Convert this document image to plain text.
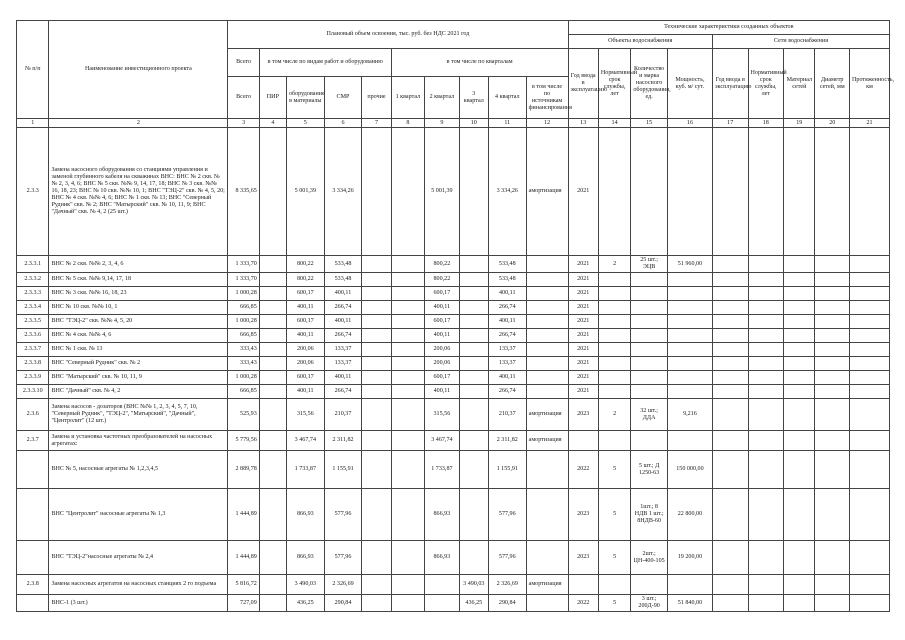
№ п/п	Наименование инвестиционного проекта	Плановый объем освоения, тыс. руб. без НДС 2021 год										Технические характеристики созданных объектов								
												Объекты водоснабжения				Сети водоснабжения				
		Всего	в том числе по видам работ и оборудованию				в том числе по кварталам					Год ввода в эксплуатацию	Нормативный срок службы, лет	Количество и марка насосного оборудования, ед.	Мощность, куб. м/ сут.	Год ввода в эксплуатацию	Нормативный срок службы, лет	Материал сетей	Диаметр сетей, мм	Протяженность, км
		Всего	ПИР	оборудование в материалы	СМР	прочие	1 квартал	2 квартал	3 квартал	4 квартал	в том числе по источникам финансирования									
1	2	3	4	5	6	7	8	9	10	11	12	13	14	15	16	17	18	19	20	21
2.3.3	Замена насосного оборудования со станциями управления и заменой глубинного кабеля на скважинах ВНС: ВНС № 2 скв. №№ 2, 3, 4, 6; ВНС № 5 скв. №№ 9, 14, 17, 18; ВНС № 3 скв. №№ 16, 18, 23; ВНС № 10 скв. №№ 10, 1; ВНС "ТЭЦ-2" скв. № 4, 5, 20; ВНС № 4 скв. №№ 4, 6; ВНС № 1 скв. № 13; ВНС "Северный Рудник" скв. № 2; ВНС "Матырский" скв. № 10, 11, 9; ВНС "Дачный" скв. № 4, 2 (25 шт.)	8 335,65		5 001,39	3 334,26			5 001,39		3 334,26	амортизация	2021								
2.3.3.1	ВНС № 2 скв. №№ 2, 3, 4, 6	1 333,70		800,22	533,48			800,22		533,48		2021	2	25 шт.; ЭЦВ	51 960,00					
2.3.3.2	ВНС № 5 скв. №№ 9,14, 17, 18	1 333,70		800,22	533,48			800,22		533,48		2021								
2.3.3.3	ВНС № 3 скв. №№ 16, 18, 23	1 000,28		600,17	400,11			600,17		400,11		2021								
2.3.3.4	ВНС № 10 скв. №№ 10, 1	666,85		400,11	266,74			400,11		266,74		2021								
2.3.3.5	ВНС "ТЭЦ-2" скв. №№ 4, 5, 20	1 000,28		600,17	400,11			600,17		400,11		2021								
2.3.3.6	ВНС № 4 скв. №№ 4, 6	666,85		400,11	266,74			400,11		266,74		2021								
2.3.3.7	ВНС № 1 скв. № 13	333,43		200,06	133,37			200,06		133,37		2021								
2.3.3.8	ВНС "Северный Рудник" скв. № 2	333,43		200,06	133,37			200,06		133,37		2021								
2.3.3.9	ВНС "Матырский" скв. № 10, 11, 9	1 000,28		600,17	400,11			600,17		400,11		2021								
2.3.3.10	ВНС "Дачный" скв. № 4, 2	666,85		400,11	266,74			400,11		266,74		2021								
2.3.6	Замена насосов - дозаторов (ВНС №№ 1, 2, 3, 4, 5, 7, 10, "Северный Рудник", "ТЭЦ-2", "Матырский", "Дачный", "Центролит" (12 шт.)	525,93		315,56	210,37			315,56		210,37	амортизация	2023	2	32 шт.; ДДА	9,216					
2.3.7	Замена и установка частотных преобразователей на насосных агрегатах:	5 779,56		3 467,74	2 311,82			3 467,74		2 311,82	амортизация									
	ВНС № 5, насосные агрегаты № 1,2,3,4,5	2 889,78		1 733,87	1 155,91			1 733,87		1 155,91		2022	5	5 шт.; Д 1250-63	150 000,00					
	ВНС "Центролит" насосные агрегаты № 1,3	1 444,89		866,93	577,96			866,93		577,96		2023	5	1шт.; 8 НДВ 1 шт.; 8НДВ-60	22 800,00					
	ВНС "ТЭЦ-2"насосные агрегаты № 2,4	1 444,89		866,93	577,96			866,93		577,96		2023	5	2шт.; ЦН-400-105	19 200,00					
2.3.8	Замена насосных агрегатов на насосных станциях 2 го подъема	5 816,72		3 490,03	2 326,69				3 490,03	2 326,69	амортизация									
	ВНС-1 (3 шт.)	727,09		436,25	290,84				436,25	290,84		2022	5	3 шт.; 200Д-90	51 840,00					
